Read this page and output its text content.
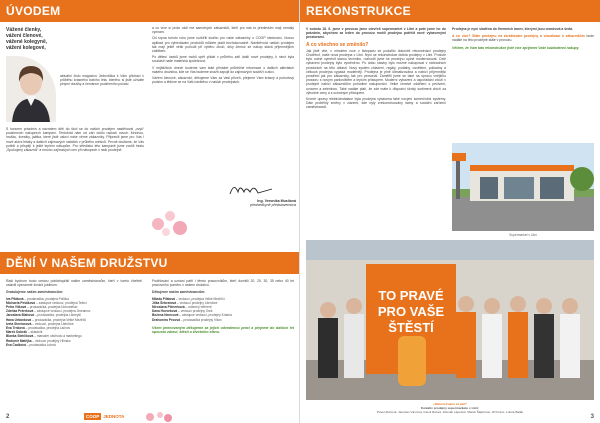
ÚVODEM
Vážené členky,
vážení členové,
vážené kolegyně,
vážení kolegové,
aktuální číslo magazínu Jednotička k Vám přichází v průběhu krásného babího léta, kterého si jistě užíváte plnými doušky a červánce podzimního počasí.
S koncem prázdnin a návratem dětí do škol se do našich prodejen nastěhoval „zvyk“ podzimních nákupních kampaní. Tentokrát nám od září došlo radostí ovoce. Mnohou, hrušku, švestky, jablka, které jistě osloví naše věrné zákazníky. Připravili jsme pro Vás i nové akční letáky a dalších zajímavých nabídek v průběhu měsíců. Pevně doufáme, že Vás potěší a přispějí k ještě lepším nákupům. Pro středisko této kampaně jsme zvolili heslo „Spokojený zákazník“ a mnoho zajímavých cen při nákupech v naší prodejně.

a co více si proto váží me samotných zákazníků, kteří pro nás to především mají nemalý význam.

Od srpna tohoto roku jsme rozšířili službu pro naše zákazníky o COOP sledování. Novou aplikaci pro vyhledávání produktů můžete platit bezhotovostně. Návštěvníci našich prodejen tak mají ještě větší pohodlí při výběru zboží, díky čemuž se nákup stává příjemnějším zážitkem.

Po dělení úseků jsme mohli opět přidat v průběhu září další nové prodejny, k nimž byla součástí naše mateřská společnost.

V nejbližších dnech budeme vám také přinášet průběžné informace o dalších aktivitách našeho družstva, kde se Vás budeme snažit zapojit do zajímavých soutěží a akcí.

Vážení členové, zákazníci, děkujeme Vám za Vaši přízeň, přejeme Vám krásný a pohodový podzim a těšíme se na Vaši návštěvu v našich prodejnách.

Ing. Veronika Musilová
předsedkyně představenstva
DĚNÍ V NAŠEM DRUŽSTVU

Rádi bychom touto cestou poblahopřáli našim zaměstnancům, kteří v tomto čtvrtletí oslavili významné životní jubileum.

Gratulujeme našim zaměstnancům:

Iva Pilátová – prodavačka, prodejna Polička
Michaela Pešáková – zástupce vedoucí, prodejna Telecí
Petra Vítková – prodavačka, prodejna Novoměsto
Zdeňka Peterková – zástupce vedoucí, prodejna Jimramov
Jaroslava Blahová – prodavačka, prodejna Litomyšl
Hana Urbánková – prodavačka, prodejna Velké Meziříčí
Iveta Sterčanová – vedoucí, prodejna Litenčice
Eva Trnková – prodavačka, prodejna Lačnov
Marek Dobrák – skladník
Blanka Stehlíková – manažer obchodu a marketingu
Radomír Matějka – vedoucí prodejny Hlinsko
Eva Čadková – prodavačka Lubná

Podělování a uznání patří i těmto pracovníkům, kteří dovršili 20, 25, 30, 35 nebo 40 let pracovního poměru v našem družstvu.

Děkujeme našim zaměstnancům:

Milada Pilátová – vedoucí, prodejna Velké Meziříčí
Jitka Šebestová – vedoucí prodejny Litenčice
Miroslava Plénerková – odborný referent
Dana Hovorková – vedoucí prodejny Osík
Božena Nemcová – zástupce vedoucí, prodejny Krásná
Drahomíra Pecová – prodavačka prodejny Vlkov

Všem jmenovaným děkujeme za jejich odvedenou práci a přejeme do dalších let spoustu zdraví, štěstí a životního elánu.

2	COOP JEDNOTA
REKONSTRUKCE

V sobotu 18. 8. jsme v provozu jsme otevřeli supermarket v Litni a poté jsme ho do prázdnin, abychom za leden do provozu mohli prodejnu potěšit nově vybavenými prostorami.

A co všechno se změnilo?

Jak jistě víte, v minulém roce v listopadu se podařilo dokončit rekonstrukci prodejny Chotěboř, naše nová prodejna v Litni. Nyní se rekonstrukce dotkla prodejny v Litni. Protože bylo nutné vyměnit starou techniku, rozhodli jsme se prodejnu úplně modernizovat. Celé vybavení prodejny bylo vyměněno. Po dobu stavby bylo možné nakupovat v náhradních prostorách na této oblasti. Nový systém chlazení, regály, podlahy, osvětlení, pokladny a celková prodejna vypadá moderněji. Prodejna je plně klimatizována a nabízí příjemnější prostředí jak pro zákazníky, tak pro personál. Zaměřili jsme se také na úpravu vnějšího prostoru s novým parkovištěm a lepším přístupem. Moderní vybavení a uspořádání zboží v prodejně nabízí zákazníkům pohodlné nakupování. Velké čerstvé oddělení s pečivem, ovocem a zeleninou. Také nadále platí, že zde máte k dispozici široký sortiment zboží za výhodné ceny a s ochotným přístupem.

Kromě úpravy elektroinstalace byla prodejna vybavena také novými komerčními systémy. Dále proběhly změny v zázemí, kde byly zrekonstruovány šatny a sociální zařízení zaměstnanců.

Prodejna je nyní sladěna do firemních barev, kterými jsou oranžová a šedá.

A co více? Stále prodejnu na zkrášlování prodejny a vizualizaci k zákazníkům bude nadále na této prodejně stále v provozu.

Věříme, že Vám tato rekonstrukce jistě více zpříjemní Vaše každodenní nákupy.

Supermarket v Litni
TO PRAVÉ
PRO VAŠE
ŠTĚSTÍ
„Rekonstrukce za pět!“
Kolektiv prodejny supermarketu v Litni:
Pavel Zichová, Jaroslav Vávrová, Kamil Rubeš, Zdeněk Lapeček, Marek Šlajbrová, Jiří Franc, Luboš Balák
3
